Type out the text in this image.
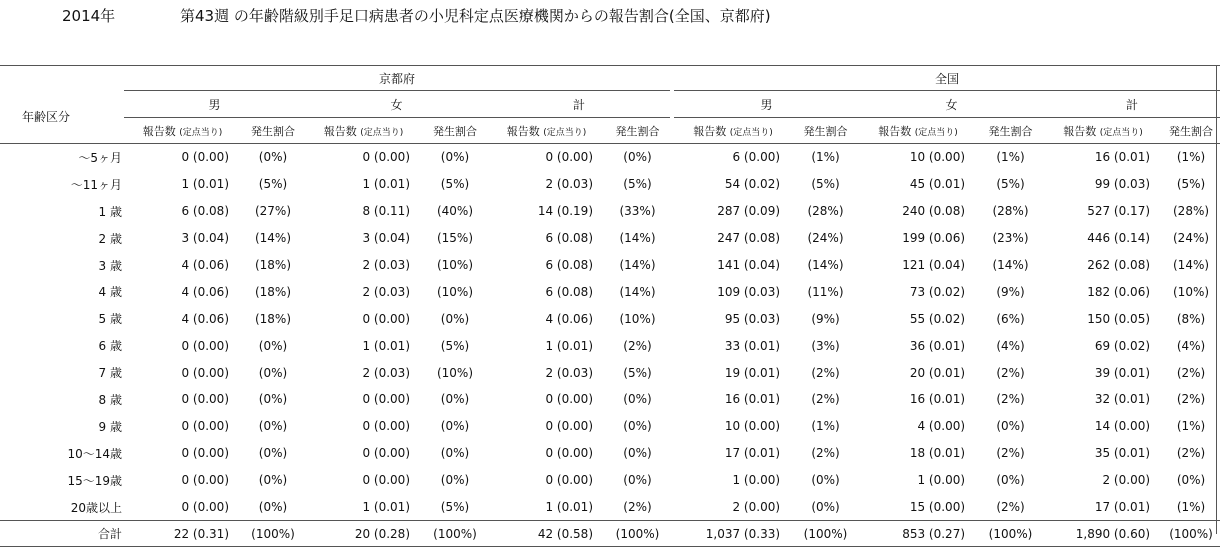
2014年	第43週 の年齢階級別手足口病患者の小児科定点医療機関からの報告割合(全国、京都府)
	京都府							全国					
年齢区分	男		女		計			男		女		計	
	報告数 (定点当り)	発生割合	報告数 (定点当り)	発生割合	報告数 (定点当り)	発生割合		報告数 (定点当り)	発生割合	報告数 (定点当り)	発生割合	報告数 (定点当り)	発生割合
～5ヶ月	0 (0.00)	(0%)	0 (0.00)	(0%)	0 (0.00)	(0%)		6 (0.00)	(1%)	10 (0.00)	(1%)	16 (0.01)	(1%)
～11ヶ月	1 (0.01)	(5%)	1 (0.01)	(5%)	2 (0.03)	(5%)		54 (0.02)	(5%)	45 (0.01)	(5%)	99 (0.03)	(5%)
1 歳	6 (0.08)	(27%)	8 (0.11)	(40%)	14 (0.19)	(33%)		287 (0.09)	(28%)	240 (0.08)	(28%)	527 (0.17)	(28%)
2 歳	3 (0.04)	(14%)	3 (0.04)	(15%)	6 (0.08)	(14%)		247 (0.08)	(24%)	199 (0.06)	(23%)	446 (0.14)	(24%)
3 歳	4 (0.06)	(18%)	2 (0.03)	(10%)	6 (0.08)	(14%)		141 (0.04)	(14%)	121 (0.04)	(14%)	262 (0.08)	(14%)
4 歳	4 (0.06)	(18%)	2 (0.03)	(10%)	6 (0.08)	(14%)		109 (0.03)	(11%)	73 (0.02)	(9%)	182 (0.06)	(10%)
5 歳	4 (0.06)	(18%)	0 (0.00)	(0%)	4 (0.06)	(10%)		95 (0.03)	(9%)	55 (0.02)	(6%)	150 (0.05)	(8%)
6 歳	0 (0.00)	(0%)	1 (0.01)	(5%)	1 (0.01)	(2%)		33 (0.01)	(3%)	36 (0.01)	(4%)	69 (0.02)	(4%)
7 歳	0 (0.00)	(0%)	2 (0.03)	(10%)	2 (0.03)	(5%)		19 (0.01)	(2%)	20 (0.01)	(2%)	39 (0.01)	(2%)
8 歳	0 (0.00)	(0%)	0 (0.00)	(0%)	0 (0.00)	(0%)		16 (0.01)	(2%)	16 (0.01)	(2%)	32 (0.01)	(2%)
9 歳	0 (0.00)	(0%)	0 (0.00)	(0%)	0 (0.00)	(0%)		10 (0.00)	(1%)	4 (0.00)	(0%)	14 (0.00)	(1%)
10～14歳	0 (0.00)	(0%)	0 (0.00)	(0%)	0 (0.00)	(0%)		17 (0.01)	(2%)	18 (0.01)	(2%)	35 (0.01)	(2%)
15～19歳	0 (0.00)	(0%)	0 (0.00)	(0%)	0 (0.00)	(0%)		1 (0.00)	(0%)	1 (0.00)	(0%)	2 (0.00)	(0%)
20歳以上	0 (0.00)	(0%)	1 (0.01)	(5%)	1 (0.01)	(2%)		2 (0.00)	(0%)	15 (0.00)	(2%)	17 (0.01)	(1%)
合計	22 (0.31)	(100%)	20 (0.28)	(100%)	42 (0.58)	(100%)		1,037 (0.33)	(100%)	853 (0.27)	(100%)	1,890 (0.60)	(100%)
